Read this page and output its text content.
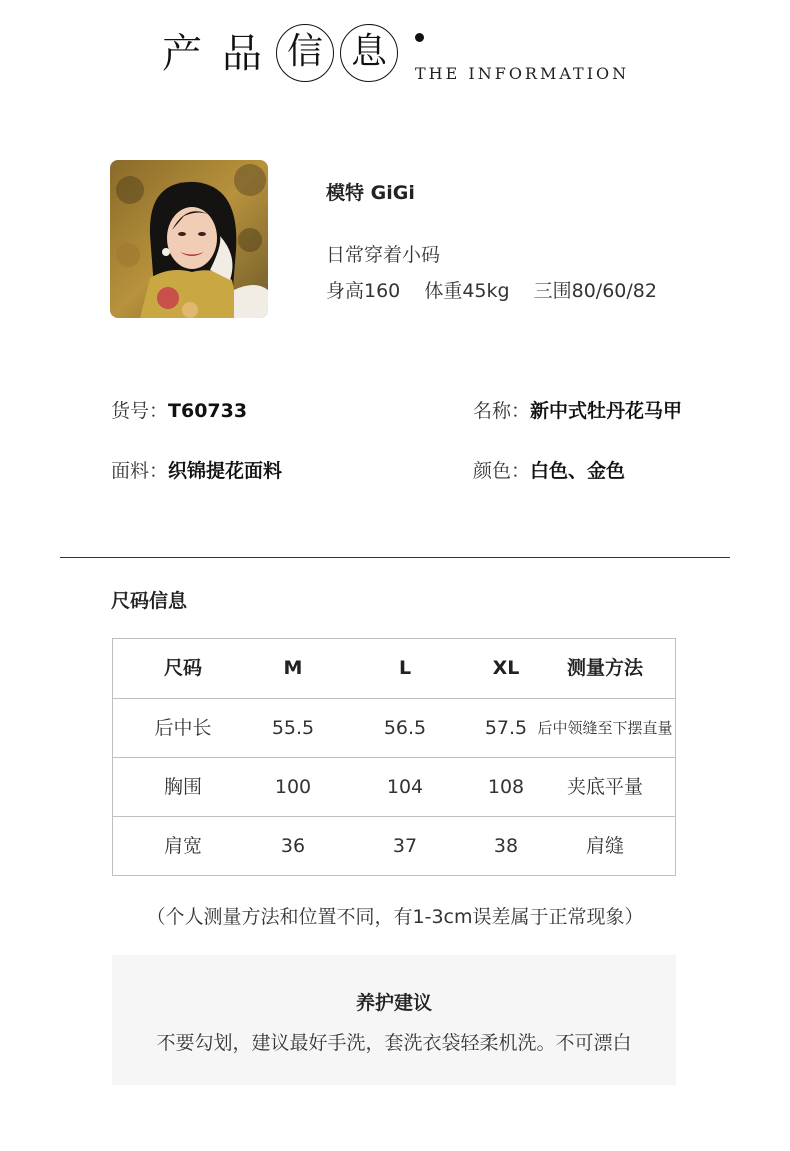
产 品 信 息
THE INFORMATION
模特 GiGi
日常穿着小码
身高160 体重45kg 三围80/60/82
货号：T60733	名称：新中式牡丹花马甲
面料：织锦提花面料	颜色：白色、金色
尺码信息
尺码	M	L	XL	测量方法
后中长	55.5	56.5	57.5 后中领缝至下摆直量
胸围	100	104	108	夹底平量
肩宽	36	37	38	肩缝
（个人测量方法和位置不同，有1-3cm误差属于正常现象）
养护建议
不要勾划，建议最好手洗，套洗衣袋轻柔机洗。不可漂白
